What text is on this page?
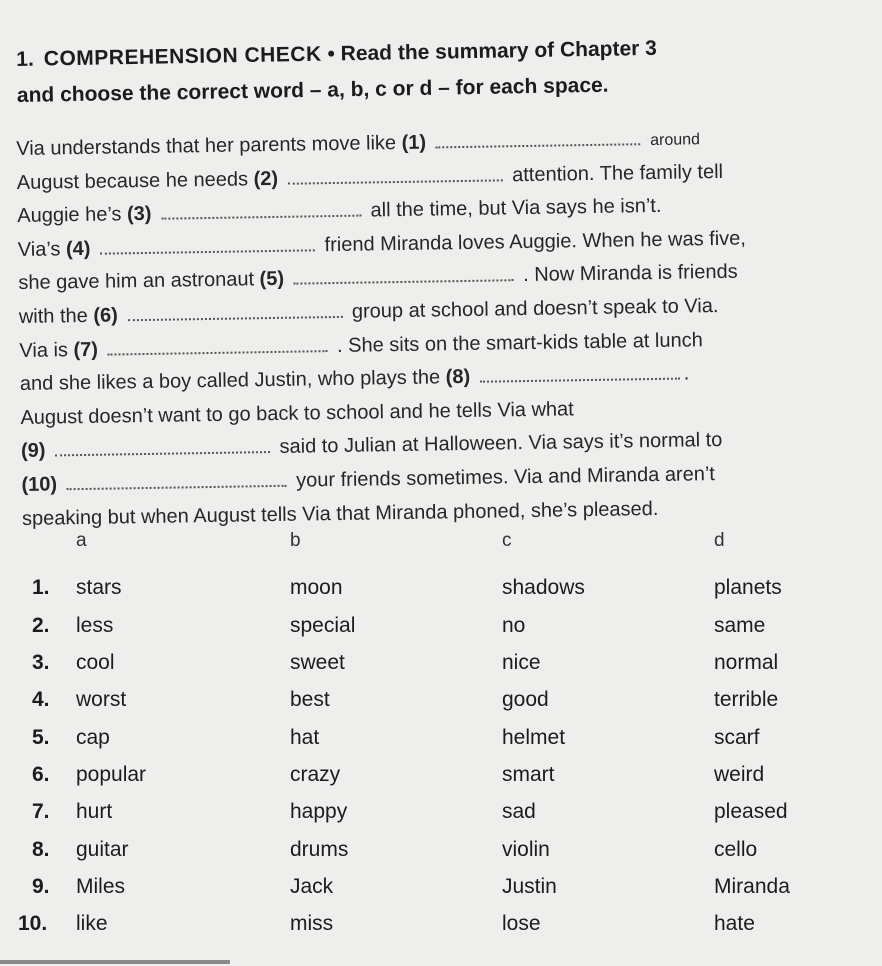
1. COMPREHENSION CHECK • Read the summary of Chapter 3
and choose the correct word – a, b, c or d – for each space.
Via understands that her parents move like (1)	around
August because he needs (2)	attention. The family tell
Auggie he’s (3)	all the time, but Via says he isn’t.
Via’s (4)	friend Miranda loves Auggie. When he was five,
she gave him an astronaut (5)	. Now Miranda is friends
with the (6)	group at school and doesn’t speak to Via.
Via is (7)	. She sits on the smart-kids table at lunch
and she likes a boy called Justin, who plays the (8)	.
August doesn’t want to go back to school and he tells Via what
(9)	said to Julian at Halloween. Via says it’s normal to
(10)	your friends sometimes. Via and Miranda aren’t
speaking but when August tells Via that Miranda phoned, she’s pleased.
a	b	c	d
1. stars	moon	shadows	planets
2. less	special	no	same
3. cool	sweet	nice	normal
4. worst	best	good	terrible
5. cap	hat	helmet	scarf
6. popular	crazy	smart	weird
7. hurt	happy	sad	pleased
8. guitar	drums	violin	cello
9. Miles	Jack	Justin	Miranda
10. like	miss	lose	hate
